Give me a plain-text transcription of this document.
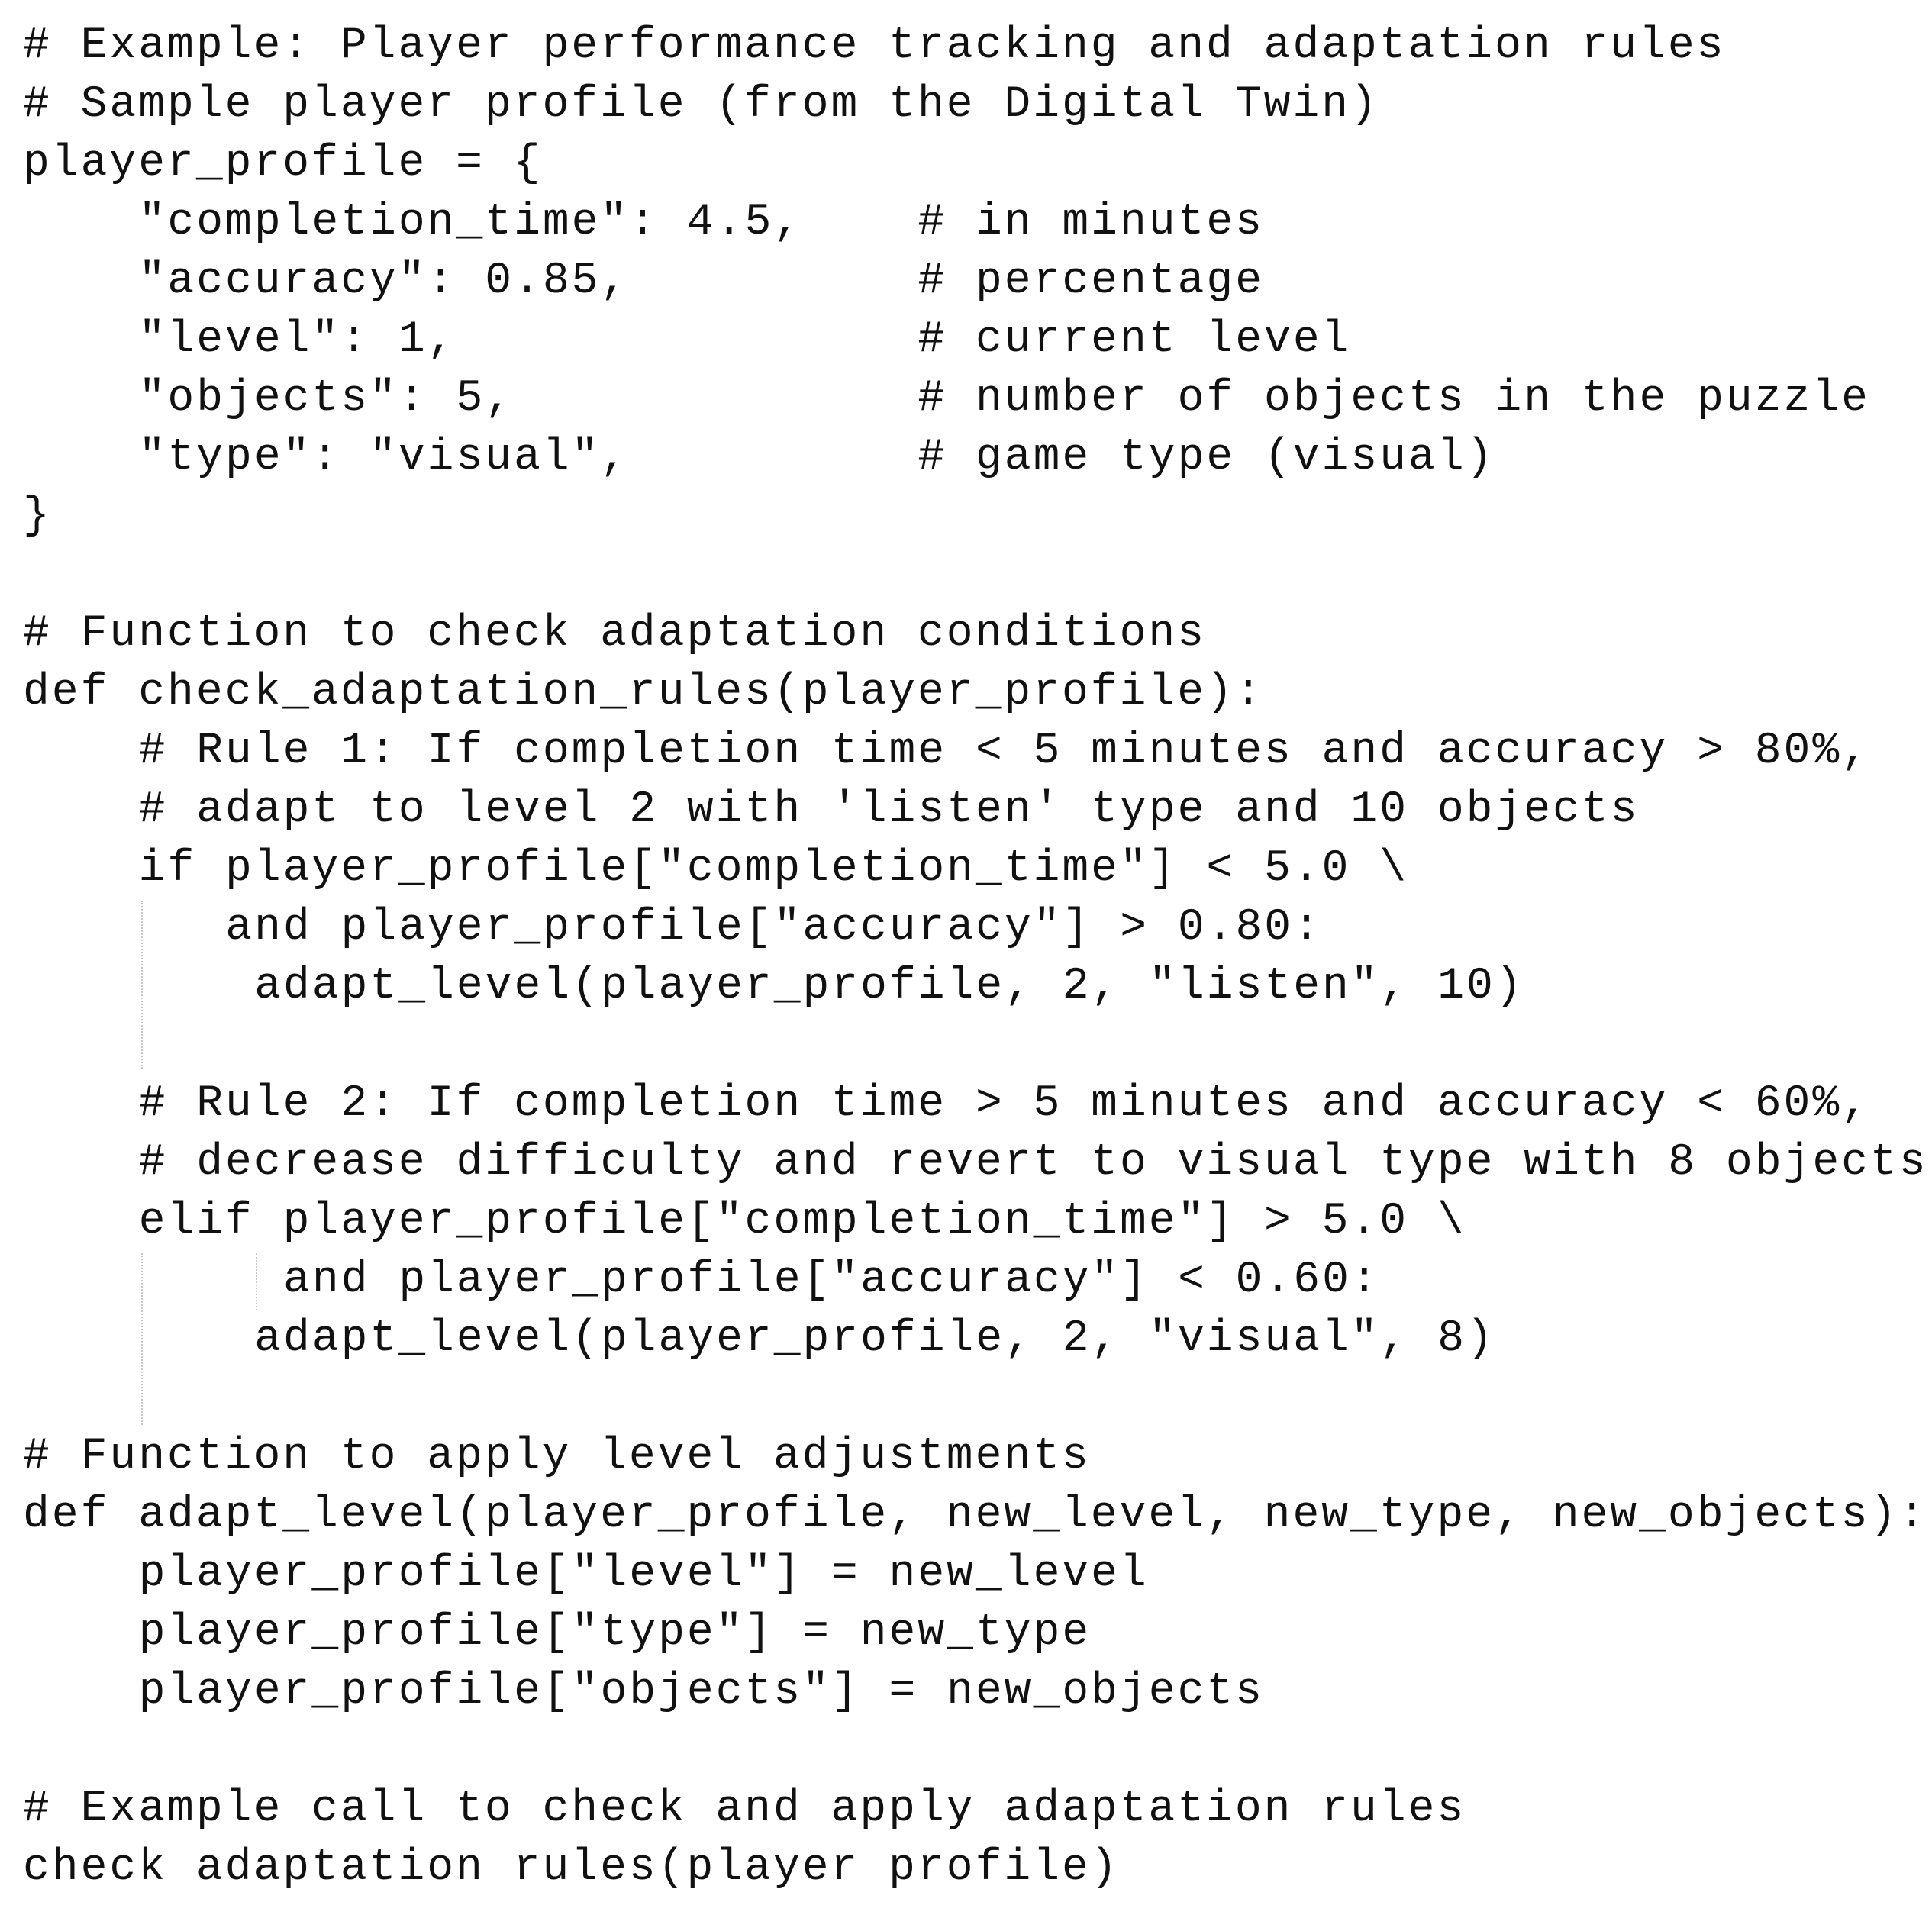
# Example: Player performance tracking and adaptation rules
# Sample player profile (from the Digital Twin)
player_profile = {
"completion_time": 4.5,    # in minutes
"accuracy": 0.85,          # percentage
"level": 1,                # current level
"objects": 5,              # number of objects in the puzzle
"type": "visual",          # game type (visual)
}
# Function to check adaptation conditions
def check_adaptation_rules(player_profile):
# Rule 1: If completion time < 5 minutes and accuracy > 80%,
# adapt to level 2 with 'listen' type and 10 objects
if player_profile["completion_time"] < 5.0 \
and player_profile["accuracy"] > 0.80:
adapt_level(player_profile, 2, "listen", 10)
# Rule 2: If completion time > 5 minutes and accuracy < 60%,
# decrease difficulty and revert to visual type with 8 objects
elif player_profile["completion_time"] > 5.0 \
and player_profile["accuracy"] < 0.60:
adapt_level(player_profile, 2, "visual", 8)
# Function to apply level adjustments
def adapt_level(player_profile, new_level, new_type, new_objects):
player_profile["level"] = new_level
player_profile["type"] = new_type
player_profile["objects"] = new_objects
# Example call to check and apply adaptation rules
check adaptation rules(player profile)
